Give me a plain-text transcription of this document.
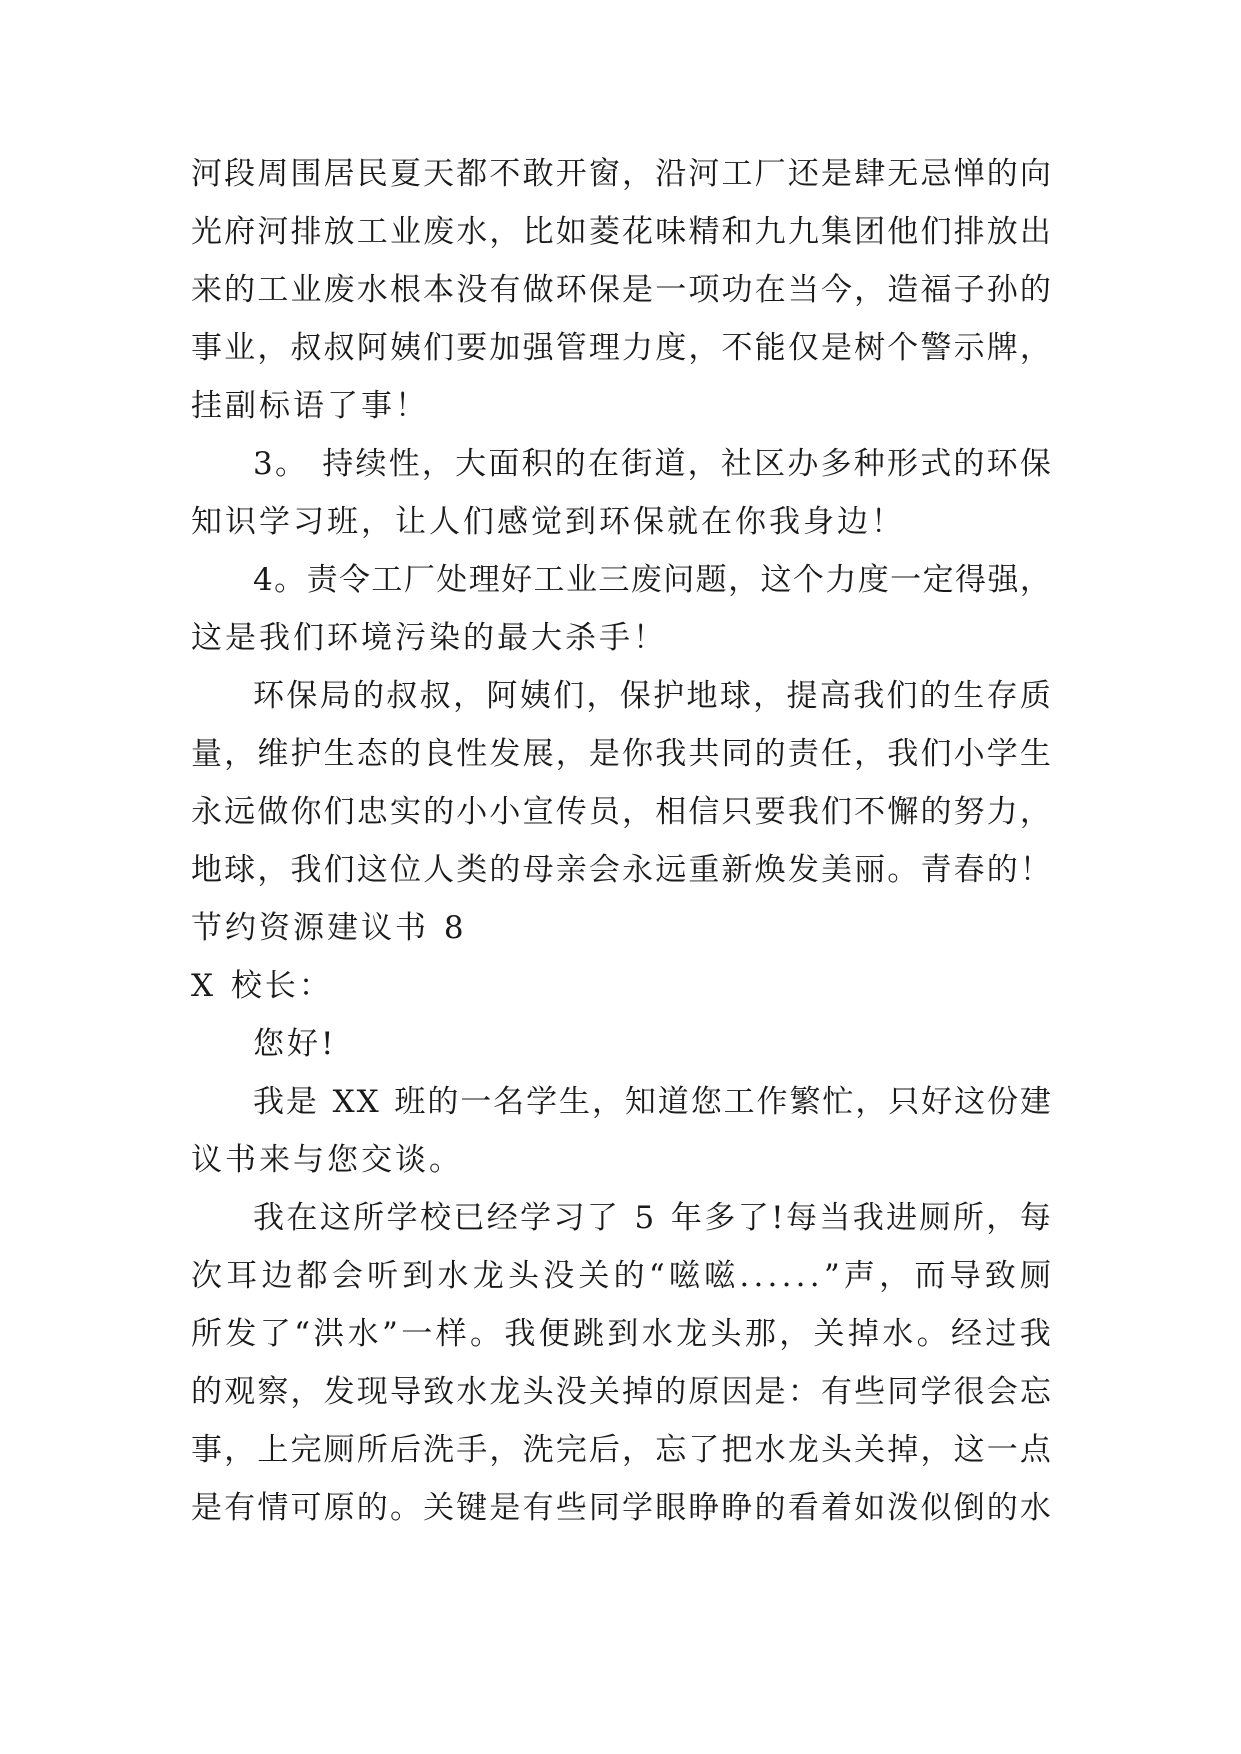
河 段 周 围 居 民 夏 天 都 不 敢 开 窗 ， 沿 河 工 厂 还 是 肆 无 忌 惮 的 向
光 府 河 排 放 工 业 废 水 ， 比 如 菱 花 味 精 和 九 九 集 团 他 们 排 放 出
来 的 工 业 废 水 根 本 没 有 做 环 保 是 一 项 功 在 当 今 ， 造 福 子 孙 的
事 业 ， 叔 叔 阿 姨 们 要 加 强 管 理 力 度 ， 不 能 仅 是 树 个 警 示 牌 ，
挂副标语了事！
3 。
持 续 性 ， 大 面 积 的 在 街 道 ， 社 区 办 多 种 形 式 的 环 保
知识学习班，让人们感觉到环保就在你我身边！
4 。 责 令 工 厂 处 理 好 工 业 三 废 问 题 ， 这 个 力 度 一 定 得 强 ，
这是我们环境污染的最大杀手！
环 保 局 的 叔 叔 ， 阿 姨 们 ， 保 护 地 球 ， 提 高 我 们 的 生 存 质
量 ， 维 护 生 态 的 良 性 发 展 ， 是 你 我 共 同 的 责 任 ， 我 们 小 学 生
永 远 做 你 们 忠 实 的 小 小 宣 传 员 ， 相 信 只 要 我 们 不 懈 的 努 力 ，
地 球 ， 我 们 这 位 人 类 的 母 亲 会 永 远 重 新 焕 发 美 丽 。 青 春 的 ！
节约资源建议书 8
X 校长：
您好!
我 是
X X
班 的 一 名 学 生 ， 知 道 您 工 作 繁 忙 ， 只 好 这 份 建
议书来与您交谈。
我 在 这 所 学 校 已 经 学 习 了
5
年 多 了 ! 每 当 我 进 厕 所 ， 每
次 耳 边 都 会 听 到 水 龙 头 没 关 的 “ 嗞 嗞 . . . . . . ” 声 ， 而 导 致 厕
所 发 了 “ 洪 水 ” 一 样 。 我 便 跳 到 水 龙 头 那 ， 关 掉 水 。 经 过 我
的 观 察 ， 发 现 导 致 水 龙 头 没 关 掉 的 原 因 是 ： 有 些 同 学 很 会 忘
事 ， 上 完 厕 所 后 洗 手 ， 洗 完 后 ， 忘 了 把 水 龙 头 关 掉 ， 这 一 点
是 有 情 可 原 的 。 关 键 是 有 些 同 学 眼 睁 睁 的 看 着 如 泼 似 倒 的 水
